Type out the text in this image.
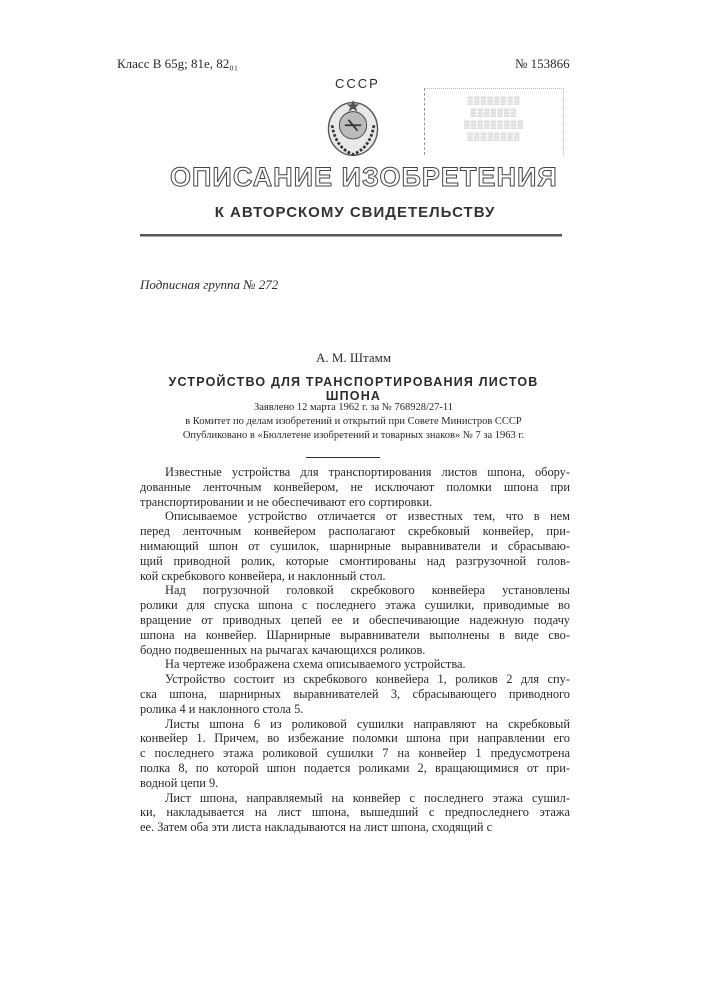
Класс B 65g; 81e, 82₀₁	№ 153866
СССР
▒▒▒▒▒▒▒▒
▒▒▒▒▒▒▒
▒▒▒▒▒▒▒▒▒
▒▒▒▒▒▒▒▒
ОПИСАНИЕ ИЗОБРЕТЕНИЯ
К АВТОРСКОМУ СВИДЕТЕЛЬСТВУ
Подписная группа № 272
А. М. Штамм
УСТРОЙСТВО ДЛЯ ТРАНСПОРТИРОВАНИЯ ЛИСТОВ ШПОНА
Заявлено 12 марта 1962 г. за № 768928/27-11
в Комитет по делам изобретений и открытий при Совете Министров СССР
Опубликовано в «Бюллетене изобретений и товарных знаков» № 7 за 1963 г.
Известные устройства для транспортирования листов шпона, обору-
дованные ленточным конвейером, не исключают поломки шпона при
транспортировании и не обеспечивают его сортировки.
Описываемое устройство отличается от известных тем, что в нем
перед ленточным конвейером располагают скребковый конвейер, при-
нимающий шпон от сушилок, шарнирные выравниватели и сбрасываю-
щий приводной ролик, которые смонтированы над разгрузочной голов-
кой скребкового конвейера, и наклонный стол.
Над погрузочной головкой скребкового конвейера установлены
ролики для спуска шпона с последнего этажа сушилки, приводимые во
вращение от приводных цепей ее и обеспечивающие надежную подачу
шпона на конвейер. Шарнирные выравниватели выполнены в виде сво-
бодно подвешенных на рычагах качающихся роликов.
На чертеже изображена схема описываемого устройства.
Устройство состоит из скребкового конвейера 1, роликов 2 для спу-
ска шпона, шарнирных выравнивателей 3, сбрасывающего приводного
ролика 4 и наклонного стола 5.
Листы шпона 6 из роликовой сушилки направляют на скребковый
конвейер 1. Причем, во избежание поломки шпона при направлении его
с последнего этажа роликовой сушилки 7 на конвейер 1 предусмотрена
полка 8, по которой шпон подается роликами 2, вращающимися от при-
водной цепи 9.
Лист шпона, направляемый на конвейер с последнего этажа сушил-
ки, накладывается на лист шпона, вышедший с предпоследнего этажа
ее. Затем оба эти листа накладываются на лист шпона, сходящий с
